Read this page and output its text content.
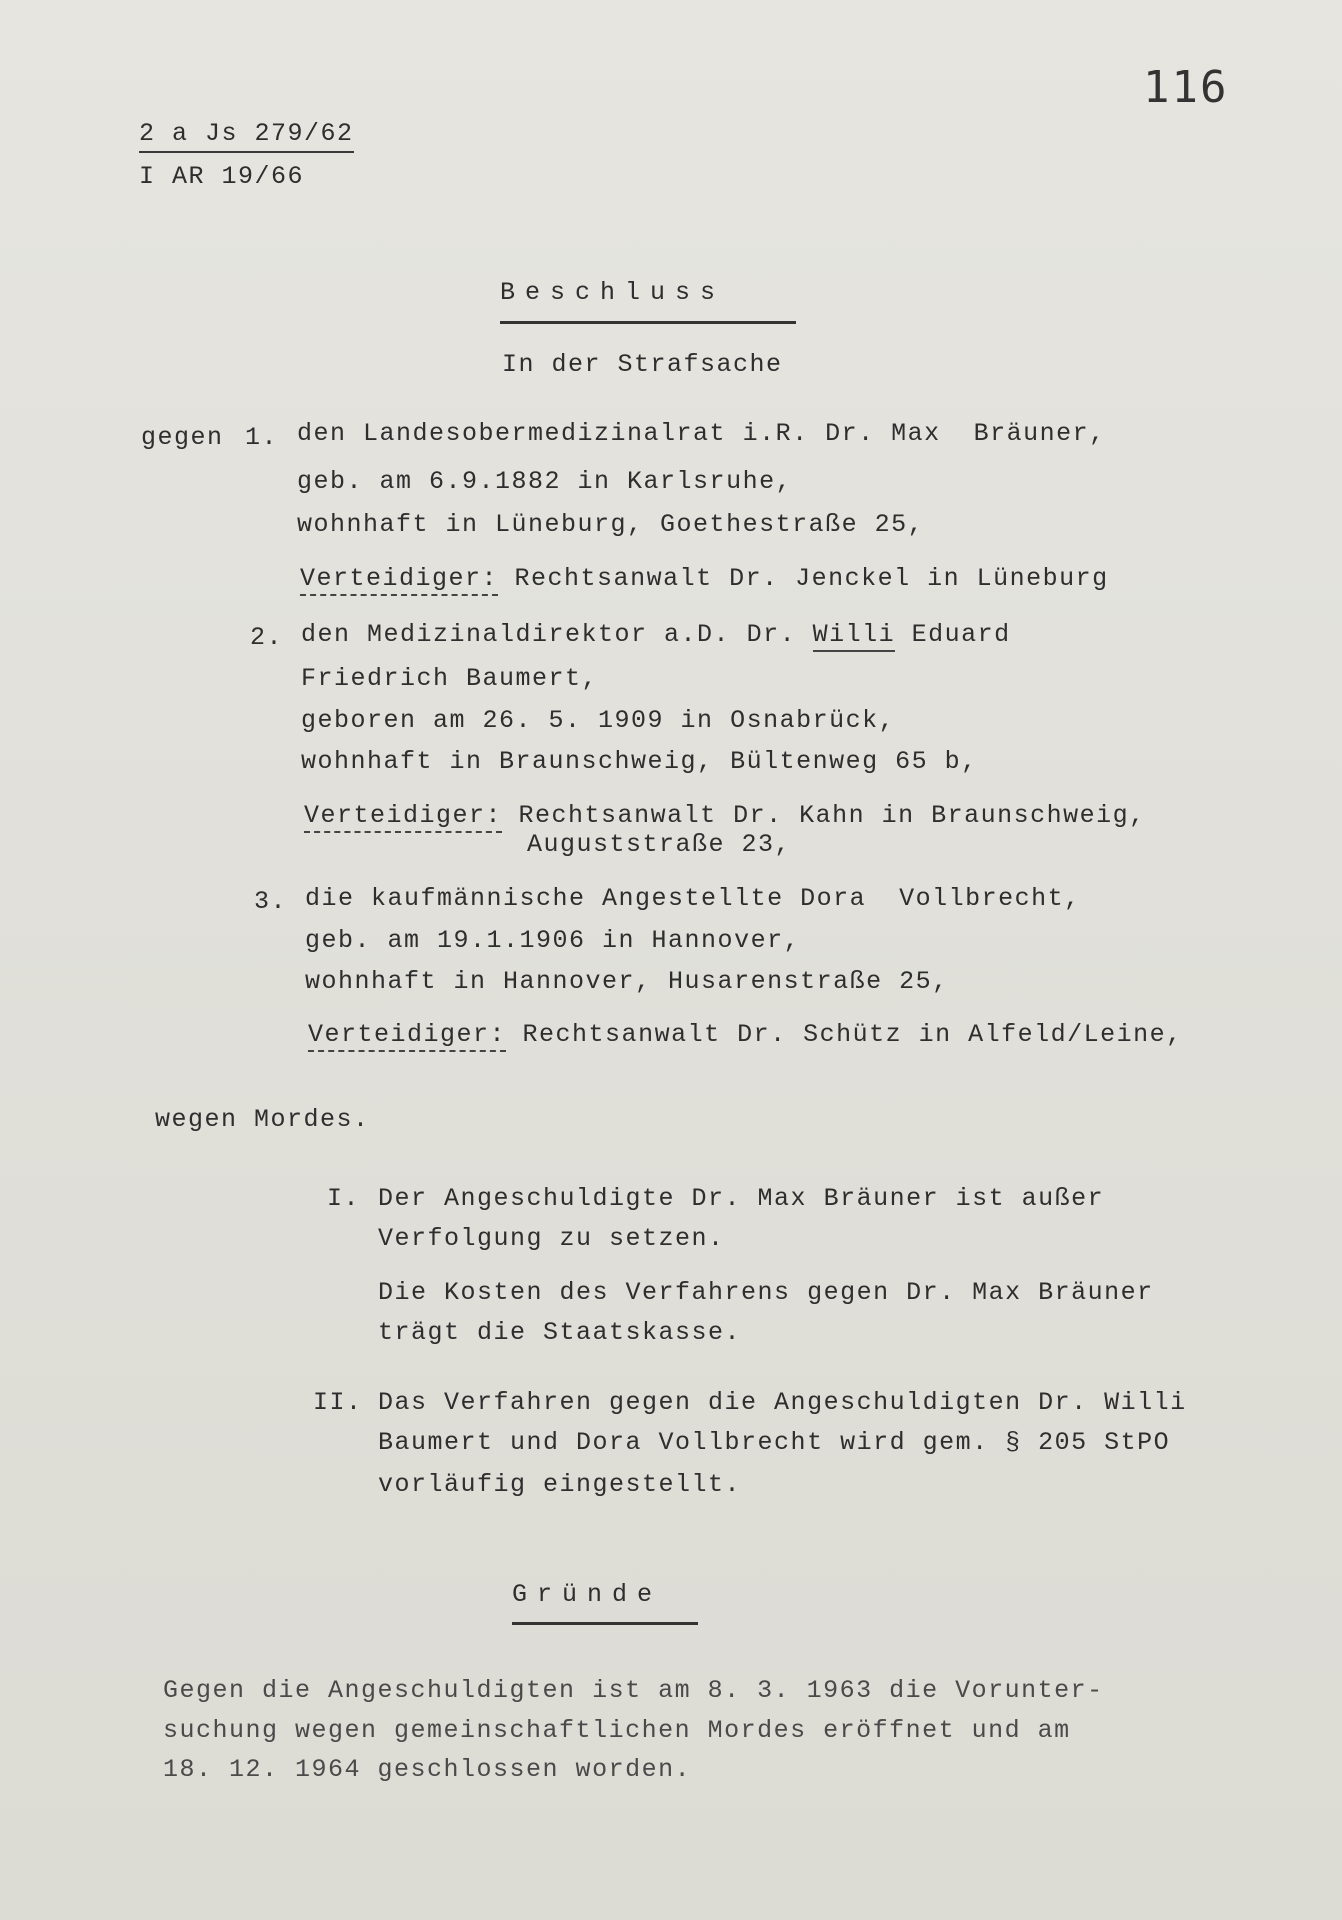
116
2 a Js 279/62
I AR 19/66
Beschluss
In der Strafsache
gegen 1. den Landesobermedizinalrat i.R. Dr. Max  Bräuner,
geb. am 6.9.1882 in Karlsruhe,
wohnhaft in Lüneburg, Goethestraße 25,
Verteidiger: Rechtsanwalt Dr. Jenckel in Lüneburg
2. den Medizinaldirektor a.D. Dr. Willi Eduard
Friedrich Baumert,
geboren am 26. 5. 1909 in Osnabrück,
wohnhaft in Braunschweig, Bültenweg 65 b,
Verteidiger: Rechtsanwalt Dr. Kahn in Braunschweig,
Auguststraße 23,
3. die kaufmännische Angestellte Dora  Vollbrecht,
geb. am 19.1.1906 in Hannover,
wohnhaft in Hannover, Husarenstraße 25,
Verteidiger: Rechtsanwalt Dr. Schütz in Alfeld/Leine,
wegen Mordes.
I. Der Angeschuldigte Dr. Max Bräuner ist außer
Verfolgung zu setzen.
Die Kosten des Verfahrens gegen Dr. Max Bräuner
trägt die Staatskasse.
II. Das Verfahren gegen die Angeschuldigten Dr. Willi
Baumert und Dora Vollbrecht wird gem. § 205 StPO
vorläufig eingestellt.
Gründe
Gegen die Angeschuldigten ist am 8. 3. 1963 die Vorunter-
suchung wegen gemeinschaftlichen Mordes eröffnet und am
18. 12. 1964 geschlossen worden.
